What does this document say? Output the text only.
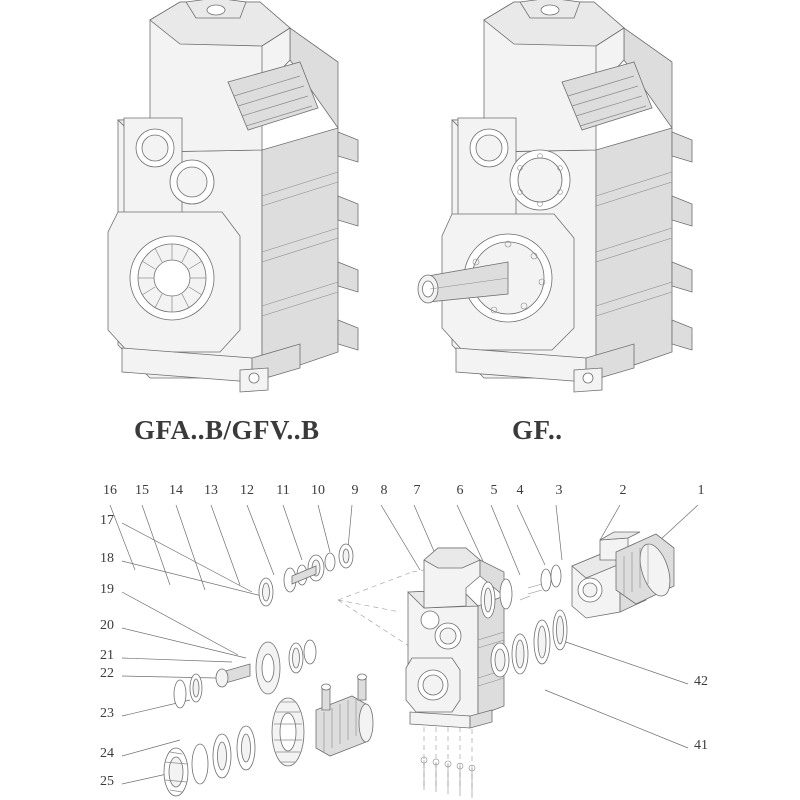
GFA..B/GFV..B	GF..
16 15 14 13 12	11	10	9	8	7	6	5	4	3	2	1
17
18
19
20
21
22
23
24
25
42
41
